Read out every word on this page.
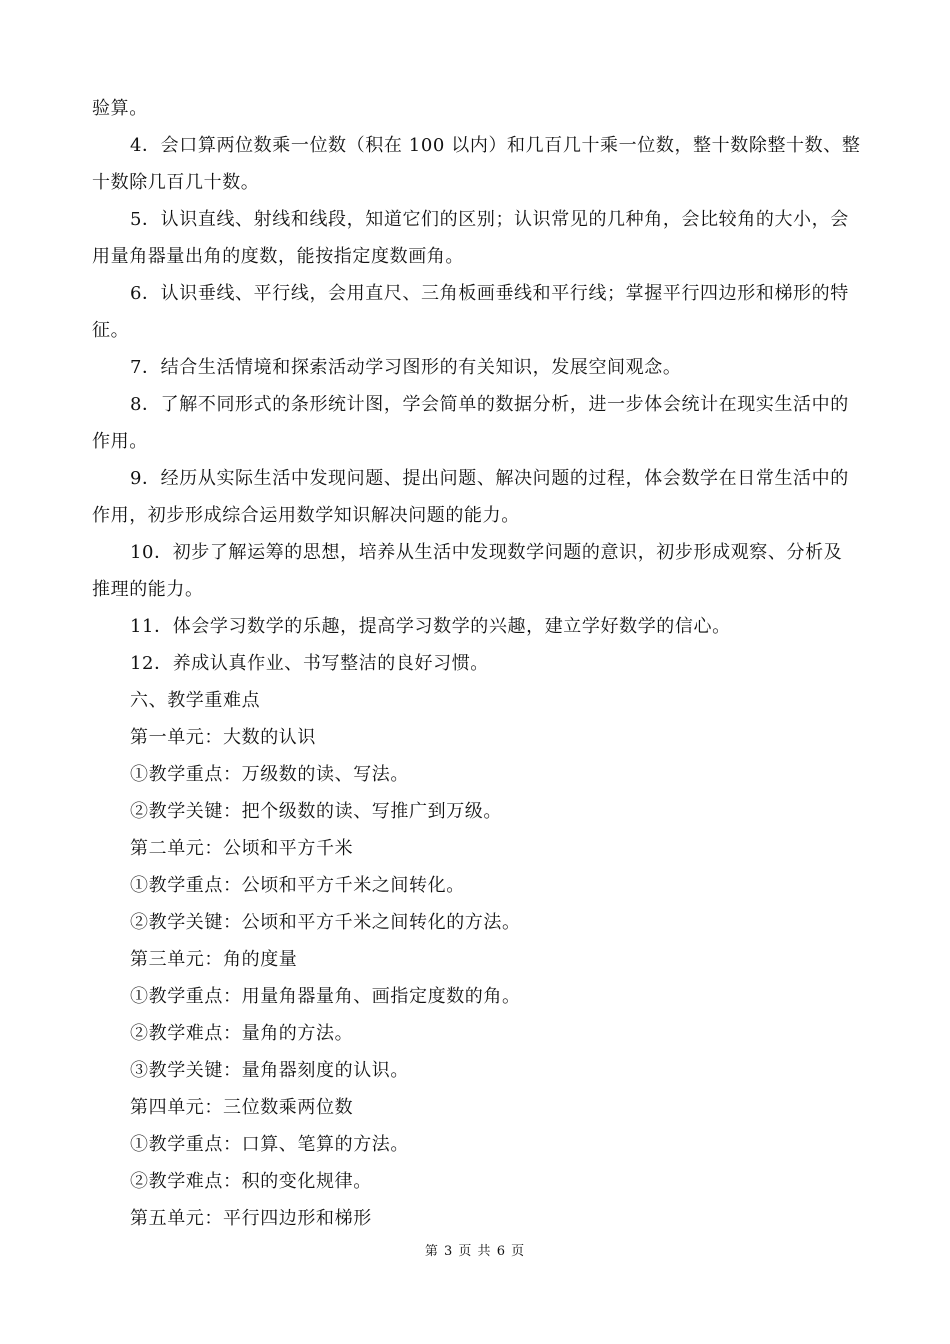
验算。
4．会口算两位数乘一位数（积在 100 以内）和几百几十乘一位数，整十数除整十数、整
十数除几百几十数。
5．认识直线、射线和线段，知道它们的区别；认识常见的几种角，会比较角的大小，会
用量角器量出角的度数，能按指定度数画角。
6．认识垂线、平行线，会用直尺、三角板画垂线和平行线；掌握平行四边形和梯形的特
征。
7．结合生活情境和探索活动学习图形的有关知识，发展空间观念。
8．了解不同形式的条形统计图，学会简单的数据分析，进一步体会统计在现实生活中的
作用。
9．经历从实际生活中发现问题、提出问题、解决问题的过程，体会数学在日常生活中的
作用，初步形成综合运用数学知识解决问题的能力。
10．初步了解运筹的思想，培养从生活中发现数学问题的意识，初步形成观察、分析及
推理的能力。
11．体会学习数学的乐趣，提高学习数学的兴趣，建立学好数学的信心。
12．养成认真作业、书写整洁的良好习惯。
六、教学重难点
第一单元：大数的认识
①教学重点：万级数的读、写法。
②教学关键：把个级数的读、写推广到万级。
第二单元：公顷和平方千米
①教学重点：公顷和平方千米之间转化。
②教学关键：公顷和平方千米之间转化的方法。
第三单元：角的度量
①教学重点：用量角器量角、画指定度数的角。
②教学难点：量角的方法。
③教学关键：量角器刻度的认识。
第四单元：三位数乘两位数
①教学重点：口算、笔算的方法。
②教学难点：积的变化规律。
第五单元：平行四边形和梯形
第 3 页 共 6 页
